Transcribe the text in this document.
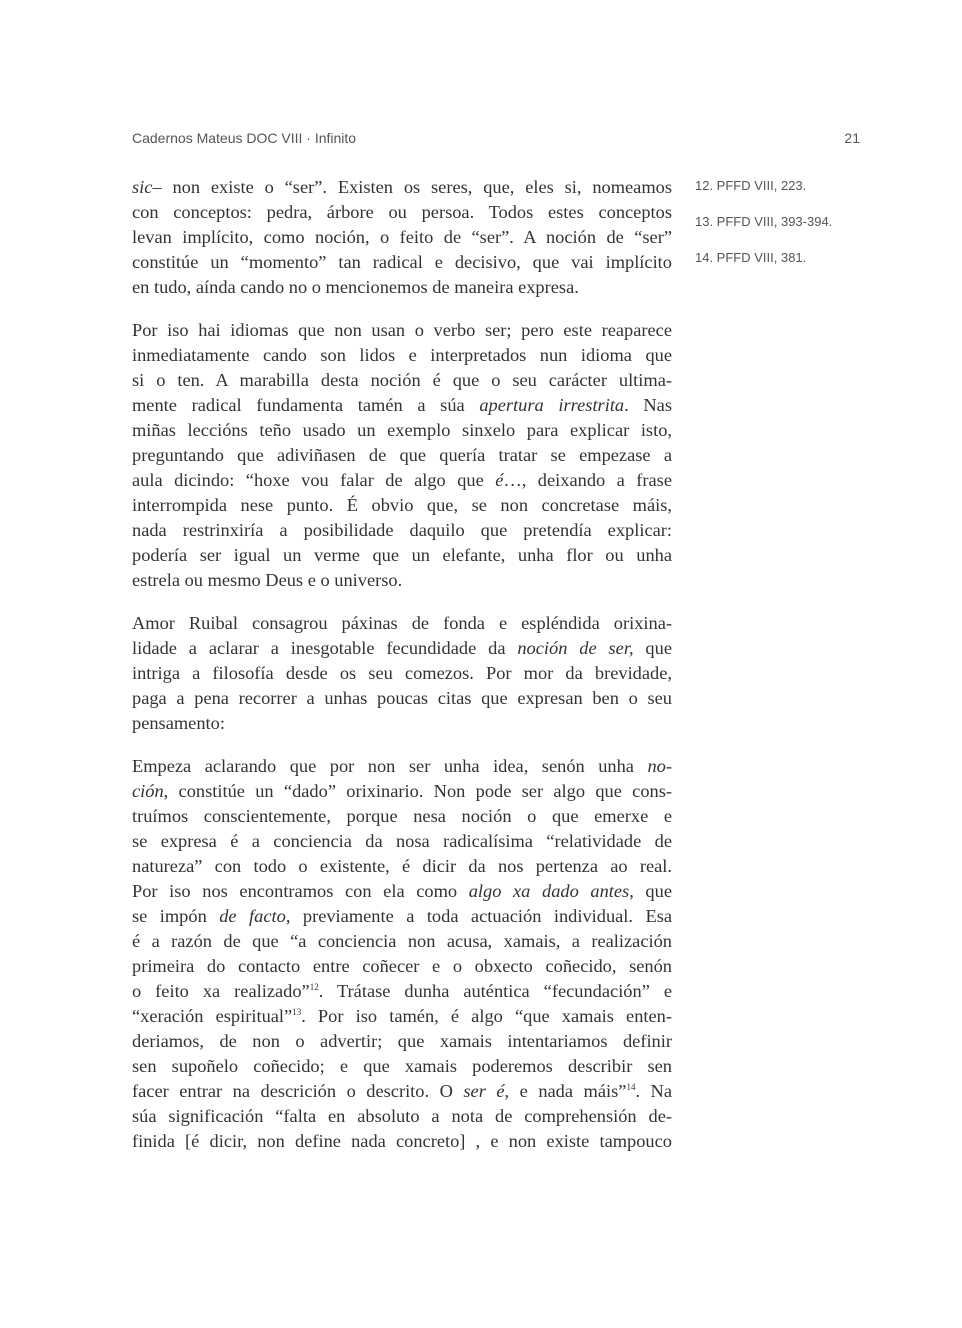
Cadernos Mateus DOC VIII · Infinito	21
sic– non existe o “ser”. Existen os seres, que, eles si, nomeamos
con conceptos: pedra, árbore ou persoa. Todos estes conceptos
levan implícito, como noción, o feito de “ser”. A noción de “ser”
constitúe un “momento” tan radical e decisivo, que vai implícito
en tudo, aínda cando no o mencionemos de maneira expresa.
Por iso hai idiomas que non usan o verbo ser; pero este reaparece
inmediatamente cando son lidos e interpretados nun idioma que
si o ten. A marabilla desta noción é que o seu carácter ultima-
mente radical fundamenta tamén a súa apertura irrestrita. Nas
miñas leccións teño usado un exemplo sinxelo para explicar isto,
preguntando que adiviñasen de que quería tratar se empezase a
aula dicindo: “hoxe vou falar de algo que é…, deixando a frase
interrompida nese punto. É obvio que, se non concretase máis,
nada restrinxiría a posibilidade daquilo que pretendía explicar:
podería ser igual un verme que un elefante, unha flor ou unha
estrela ou mesmo Deus e o universo.
Amor Ruibal consagrou páxinas de fonda e espléndida orixina-
lidade a aclarar a inesgotable fecundidade da noción de ser, que
intriga a filosofía desde os seu comezos. Por mor da brevidade,
paga a pena recorrer a unhas poucas citas que expresan ben o seu
pensamento:
Empeza aclarando que por non ser unha idea, senón unha no-
ción, constitúe un “dado” orixinario. Non pode ser algo que cons-
truímos conscientemente, porque nesa noción o que emerxe e
se expresa é a conciencia da nosa radicalísima “relatividade de
natureza” con todo o existente, é dicir da nos pertenza ao real.
Por iso nos encontramos con ela como algo xa dado antes, que
se impón de facto, previamente a toda actuación individual. Esa
é a razón de que “a conciencia non acusa, xamais, a realización
primeira do contacto entre coñecer e o obxecto coñecido, senón
o feito xa realizado”$^{12}$. Trátase dunha auténtica “fecundación” e
“xeración espiritual”$^{13}$. Por iso tamén, é algo “que xamais enten-
deriamos, de non o advertir; que xamais intentariamos definir
sen supoñelo coñecido; e que xamais poderemos describir sen
facer entrar na descrición o descrito. O ser é, e nada máis”$^{14}$. Na
súa significación “falta en absoluto a nota de comprehensión de-
finida [é dicir, non define nada concreto] , e non existe tampouco
12. PFFD VIII, 223.
13. PFFD VIII, 393-394.
14. PFFD VIII, 381.
